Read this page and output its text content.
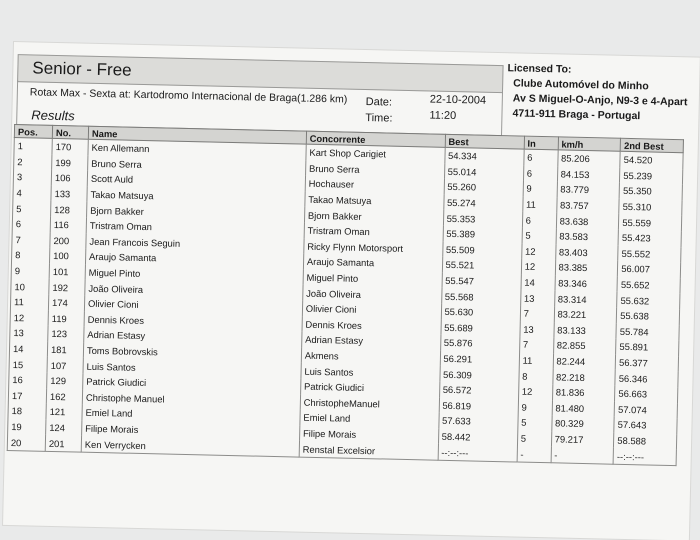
Senior - Free
Rotax Max - Sexta at: Kartodromo Internacional de Braga(1.286 km)
Results
Date:	22-10-2004
Time:	11:20
Licensed To:
Clube Automóvel do Minho
Av S Miguel-O-Anjo, N9-3 e 4-Apart
4711-911 Braga - Portugal
Pos.	No.	Name	Concorrente	Best	In	km/h	2nd Best
1	170	Ken Allemann	Kart Shop Carigiet	54.334	6	85.206	54.520
2	199	Bruno Serra	Bruno Serra	55.014	6	84.153	55.239
3	106	Scott Auld	Hochauser	55.260	9	83.779	55.350
4	133	Takao Matsuya	Takao Matsuya	55.274	11	83.757	55.310
5	128	Bjorn Bakker	Bjorn Bakker	55.353	6	83.638	55.559
6	116	Tristram Oman	Tristram Oman	55.389	5	83.583	55.423
7	200	Jean Francois Seguin	Ricky Flynn Motorsport	55.509	12	83.403	55.552
8	100	Araujo Samanta	Araujo Samanta	55.521	12	83.385	56.007
9	101	Miguel Pinto	Miguel Pinto	55.547	14	83.346	55.652
10	192	João Oliveira	João Oliveira	55.568	13	83.314	55.632
11	174	Olivier Cioni	Olivier Cioni	55.630	7	83.221	55.638
12	119	Dennis Kroes	Dennis Kroes	55.689	13	83.133	55.784
13	123	Adrian Estasy	Adrian Estasy	55.876	7	82.855	55.891
14	181	Toms Bobrovskis	Akmens	56.291	11	82.244	56.377
15	107	Luis Santos	Luis Santos	56.309	8	82.218	56.346
16	129	Patrick Giudici	Patrick Giudici	56.572	12	81.836	56.663
17	162	Christophe Manuel	ChristopheManuel	56.819	9	81.480	57.074
18	121	Emiel Land	Emiel Land	57.633	5	80.329	57.643
19	124	Filipe Morais	Filipe Morais	58.442	5	79.217	58.588
20	201	Ken Verrycken	Renstal Excelsior	--:--:---	-	-	--:--:---
